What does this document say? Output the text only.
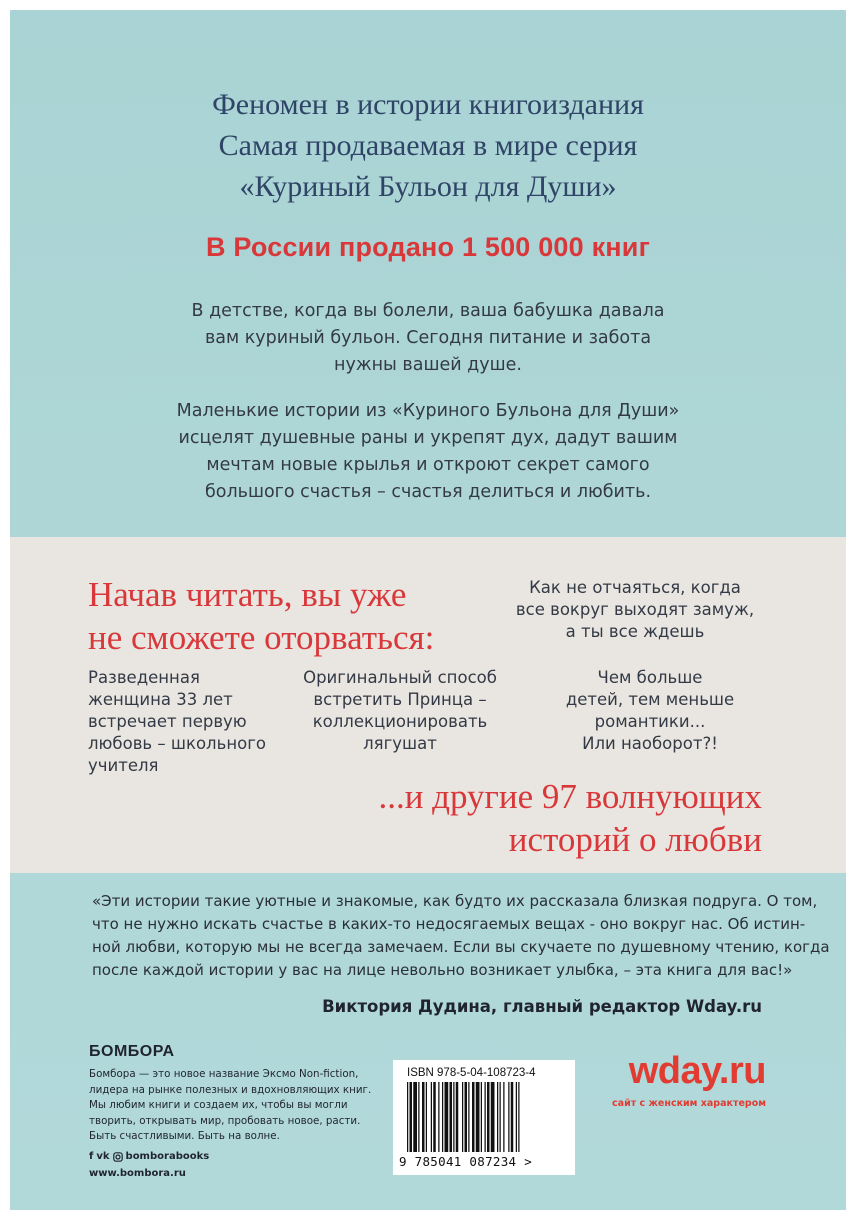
Феномен в истории книгоиздания
Самая продаваемая в мире серия
«Куриный Бульон для Души»
В России продано 1 500 000 книг
В детстве, когда вы болели, ваша бабушка давала
вам куриный бульон. Сегодня питание и забота
нужны вашей душе.
Маленькие истории из «Куриного Бульона для Души»
исцелят душевные раны и укрепят дух, дадут вашим
мечтам новые крылья и откроют секрет самого
большого счастья – счастья делиться и любить.
Начав читать, вы уже
не сможете оторваться:
Как не отчаяться, когда
все вокруг выходят замуж,
а ты все ждешь
Разведенная
женщина 33 лет
встречает первую
любовь – школьного
учителя
Оригинальный способ
встретить Принца –
коллекционировать
лягушат
Чем больше
детей, тем меньше
романтики...
Или наоборот?!
...и другие 97 волнующих
историй о любви
«Эти истории такие уютные и знакомые, как будто их рассказала близкая подруга. О том,
что не нужно искать счастье в каких-то недосягаемых вещах - оно вокруг нас. Об истин-
ной любви, которую мы не всегда замечаем. Если вы скучаете по душевному чтению, когда
после каждой истории у вас на лице невольно возникает улыбка, – эта книга для вас!»
Виктория Дудина, главный редактор Wday.ru
БОМБОРА
Бомбора — это новое название Эксмо Non-fiction,
лидера на рынке полезных и вдохновляющих книг.
Мы любим книги и создаем их, чтобы вы могли
творить, открывать мир, пробовать новое, расти.
Быть счастливыми. Быть на волне.
f vk bomborabooks
www.bombora.ru
ISBN 978-5-04-108723-4
9 785041 087234 >
wday.ru
сайт с женским характером
